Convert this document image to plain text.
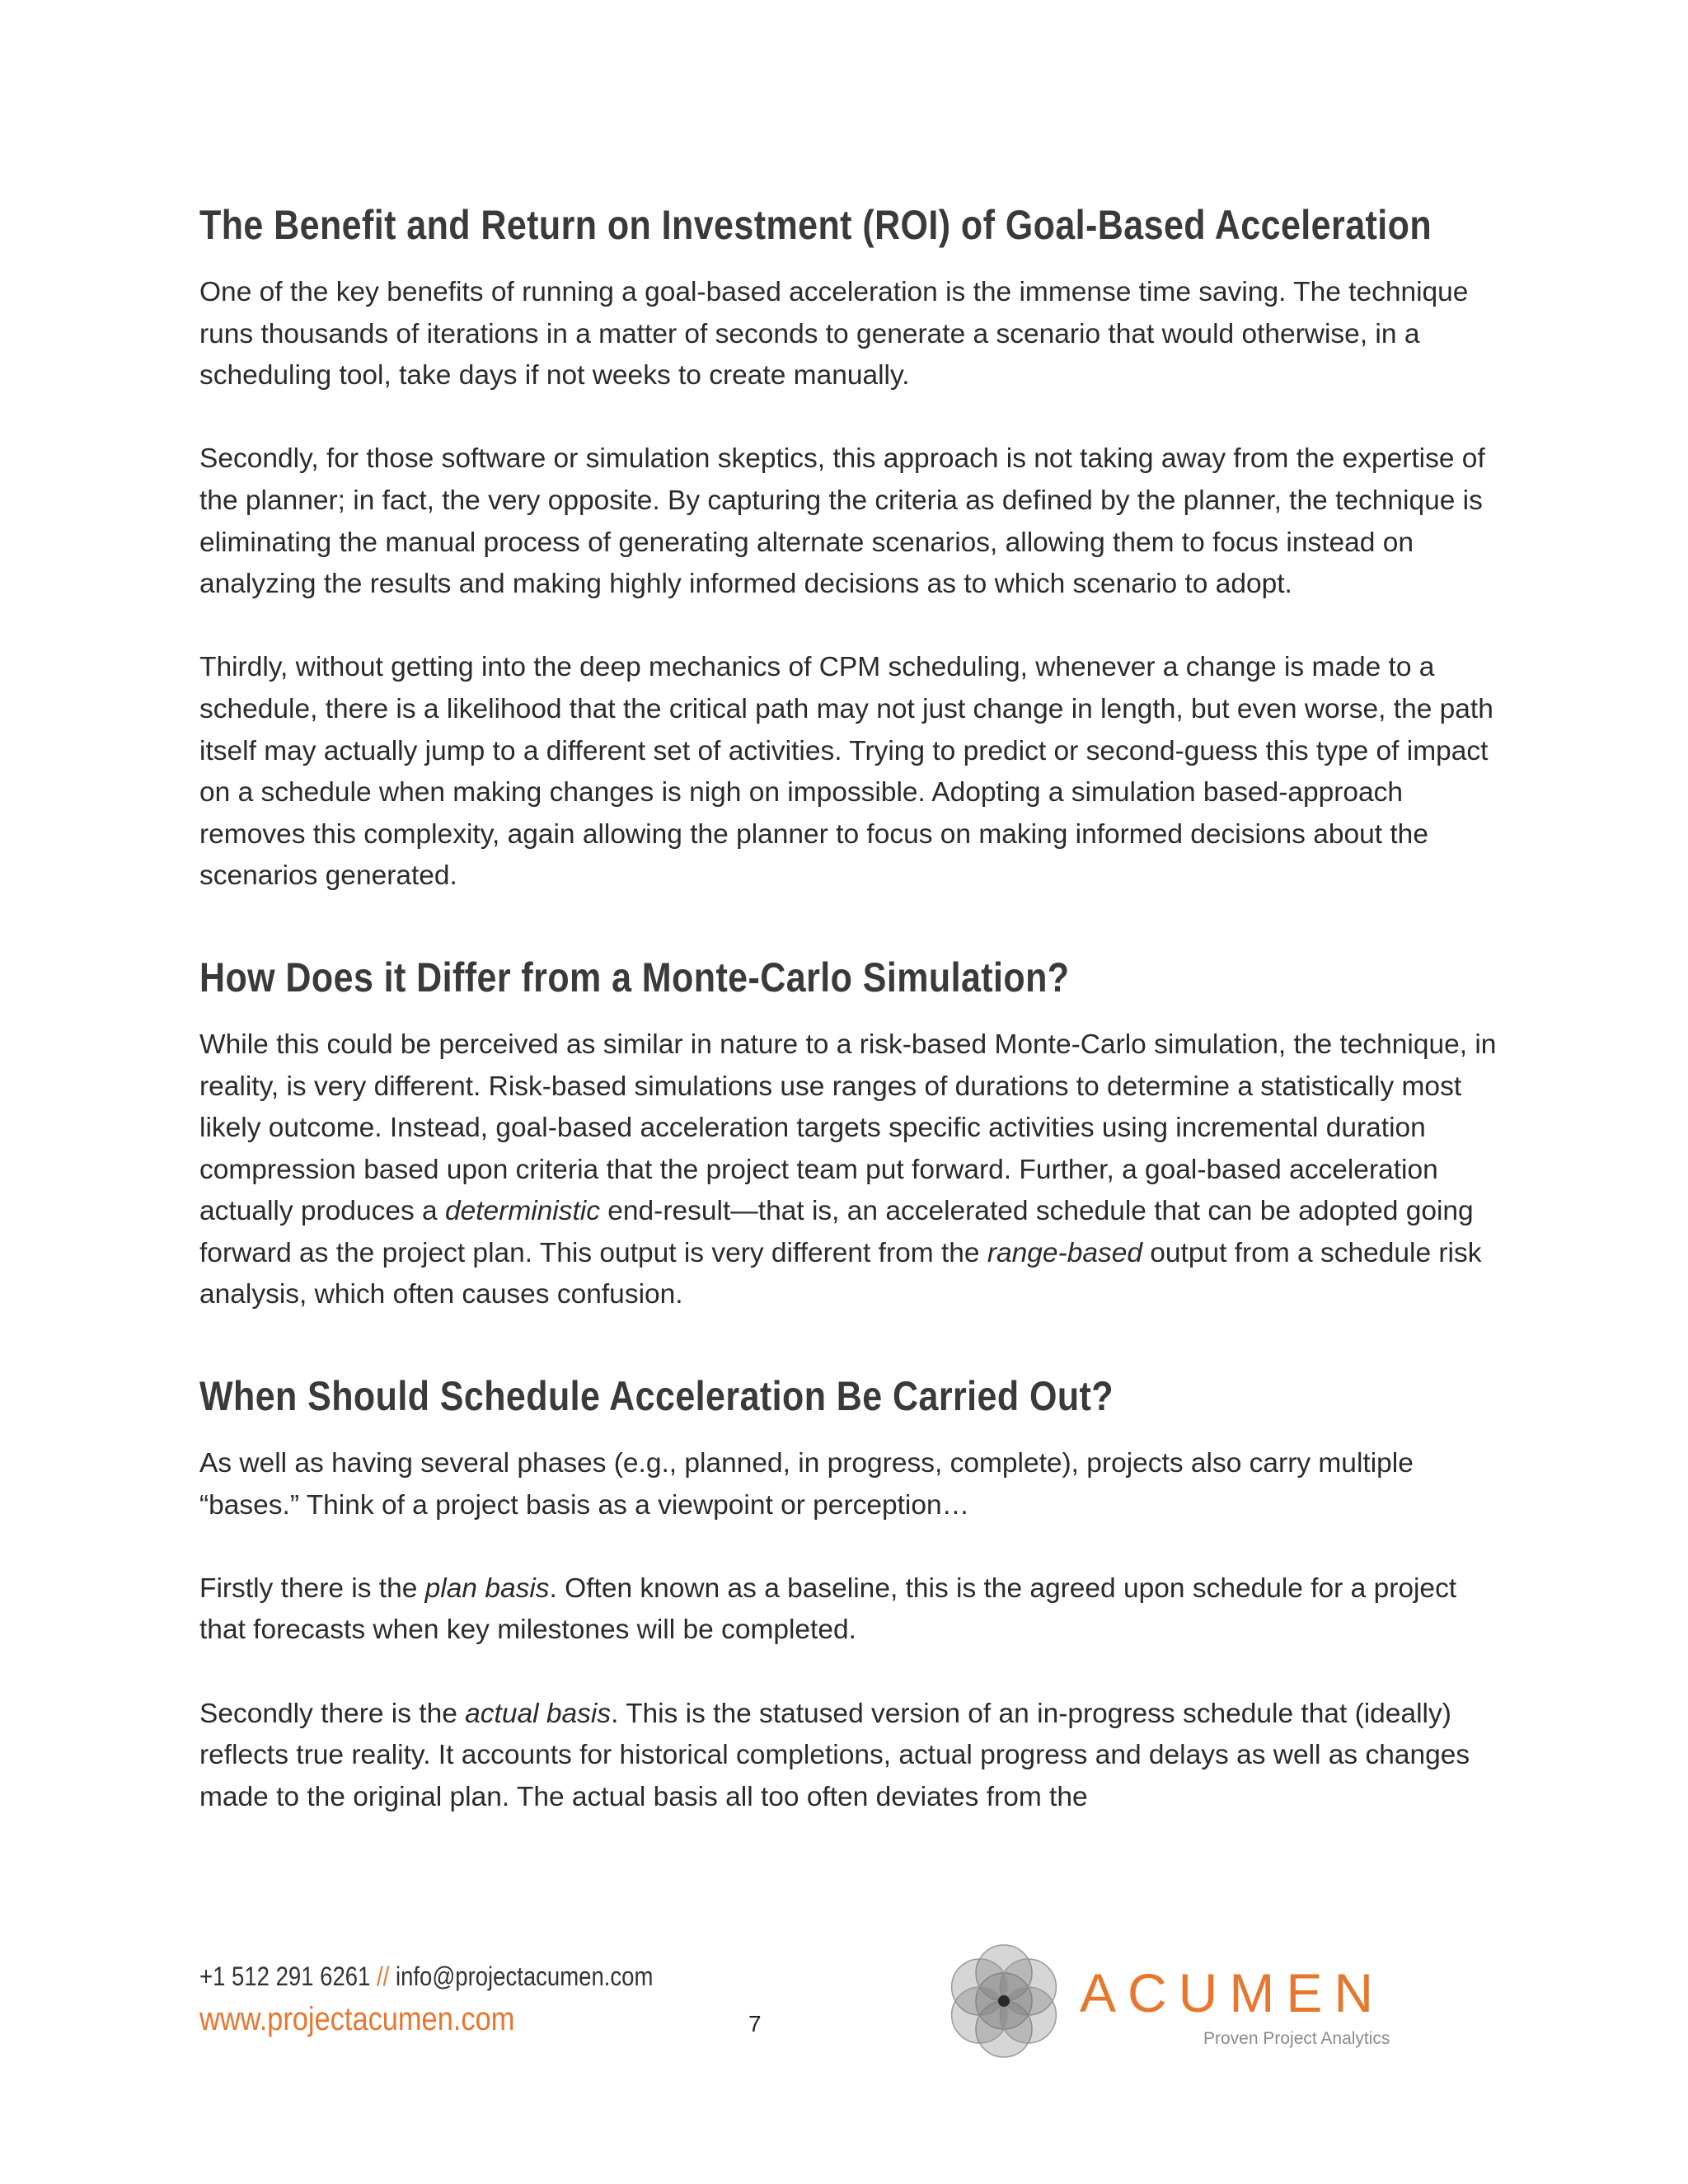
The Benefit and Return on Investment (ROI) of Goal-Based Acceleration

One of the key benefits of running a goal-based acceleration is the immense time saving. The technique runs thousands of iterations in a matter of seconds to generate a scenario that would otherwise, in a scheduling tool, take days if not weeks to create manually.

Secondly, for those software or simulation skeptics, this approach is not taking away from the expertise of the planner; in fact, the very opposite. By capturing the criteria as defined by the planner, the technique is eliminating the manual process of generating alternate scenarios, allowing them to focus instead on analyzing the results and making highly informed decisions as to which scenario to adopt.

Thirdly, without getting into the deep mechanics of CPM scheduling, whenever a change is made to a schedule, there is a likelihood that the critical path may not just change in length, but even worse, the path itself may actually jump to a different set of activities. Trying to predict or second-guess this type of impact on a schedule when making changes is nigh on impossible. Adopting a simulation based-approach removes this complexity, again allowing the planner to focus on making informed decisions about the scenarios generated.

How Does it Differ from a Monte-Carlo Simulation?

While this could be perceived as similar in nature to a risk-based Monte-Carlo simulation, the technique, in reality, is very different. Risk-based simulations use ranges of durations to determine a statistically most likely outcome. Instead, goal-based acceleration targets specific activities using incremental duration compression based upon criteria that the project team put forward. Further, a goal-based acceleration actually produces a deterministic end-result—that is, an accelerated schedule that can be adopted going forward as the project plan. This output is very different from the range-based output from a schedule risk analysis, which often causes confusion.

When Should Schedule Acceleration Be Carried Out?

As well as having several phases (e.g., planned, in progress, complete), projects also carry multiple “bases.” Think of a project basis as a viewpoint or perception…

Firstly there is the plan basis. Often known as a baseline, this is the agreed upon schedule for a project that forecasts when key milestones will be completed.

Secondly there is the actual basis. This is the statused version of an in-progress schedule that (ideally) reflects true reality. It accounts for historical completions, actual progress and delays as well as changes made to the original plan. The actual basis all too often deviates from the

+1 512 291 6261 // info@projectacumen.com
www.projectacumen.com	7
ACUMEN
Proven Project Analytics
